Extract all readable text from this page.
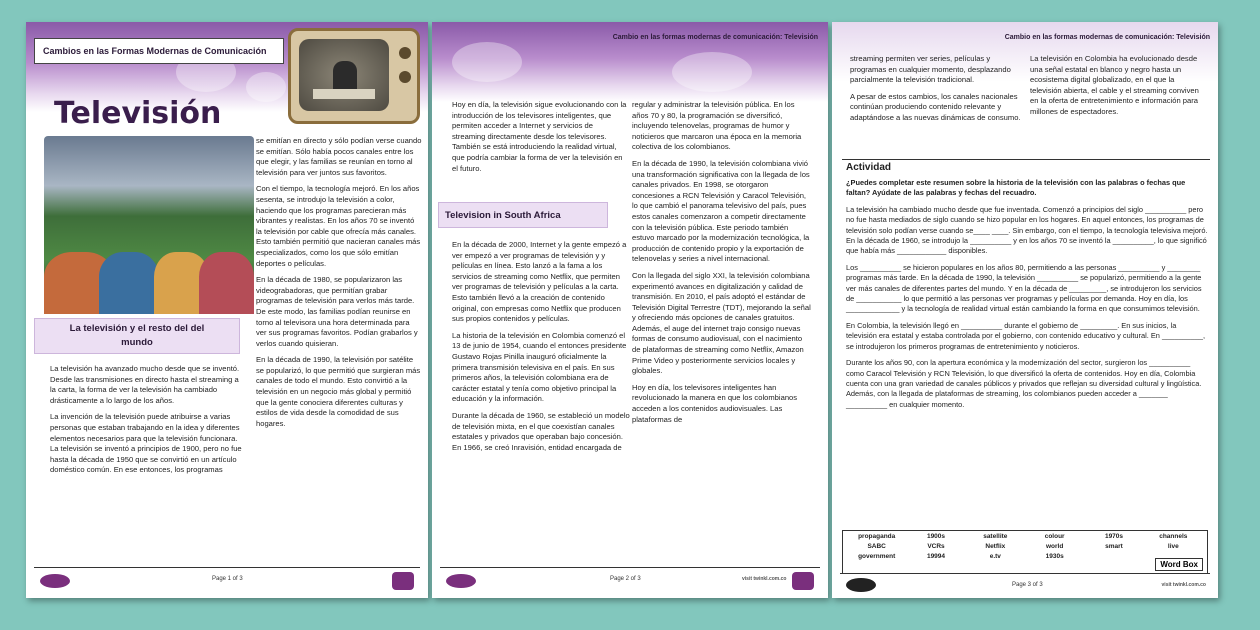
Cambios en las Formas Modernas de Comunicación
Televisión

se emitían en directo y sólo podían verse cuando se emitían. Sólo había pocos canales entre los que elegir, y las familias se reunían en torno al televisión para ver juntos sus favoritos.

Con el tiempo, la tecnología mejoró. En los años sesenta, se introdujo la televisión a color, haciendo que los programas parecieran más vibrantes y realistas. En los años 70 se inventó la televisión por cable que ofrecía más canales. Esto también permitió que nacieran canales más especializados, como los que sólo emitían deportes o películas.

En la década de 1980, se popularizaron las videograbadoras, que permitían grabar programas de televisión para verlos más tarde. De este modo, las familias podían reunirse en torno al televisora una hora determinada para ver sus programas favoritos. Podían grabarlos y verlos cuando quisieran.

En la década de 1990, la televisión por satélite se popularizó, lo que permitió que surgieran más canales de todo el mundo. Esto convirtió a la televisión en un negocio más global y permitió que la gente conociera diferentes culturas y estilos de vida desde la comodidad de sus hogares.

La televisión y el resto del del mundo

La televisión ha avanzado mucho desde que se inventó. Desde las transmisiones en directo hasta el streaming a la carta, la forma de ver la televisión ha cambiado drásticamente a lo largo de los años.

La invención de la televisión puede atribuirse a varias personas que estaban trabajando en la idea y diferentes elementos necesarios para que la televisión funcionara. La televisión se inventó a principios de 1900, pero no fue hasta la década de 1950 que se convirtió en un artículo doméstico común. En ese entonces, los programas

Page 1 of 3
Cambio en las formas modernas de comunicación: Televisión

Hoy en día, la televisión sigue evolucionando con la introducción de los televisores inteligentes, que permiten acceder a Internet y servicios de streaming directamente desde los televisores. También se está introduciendo la realidad virtual, que podría cambiar la forma de ver la televisión en el futuro.

Television in South Africa

En la década de 2000, Internet y la gente empezó a ver empezó a ver programas de televisión y y películas en línea. Esto lanzó a la fama a los servicios de streaming como Netflix, que permiten ver programas de televisión y películas a la carta. Esto también llevó a la creación de contenido original, con empresas como Netflix que producen sus propios contenidos y películas.

La historia de la televisión en Colombia comenzó el 13 de junio de 1954, cuando el entonces presidente Gustavo Rojas Pinilla inauguró oficialmente la primera transmisión televisiva en el país. En sus primeros años, la televisión colombiana era de carácter estatal y tenía como objetivo principal la educación y la información.

Durante la década de 1960, se estableció un modelo de televisión mixta, en el que coexistían canales estatales y privados que operaban bajo concesión. En 1966, se creó Inravisión, entidad encargada de

regular y administrar la televisión pública. En los años 70 y 80, la programación se diversificó, incluyendo telenovelas, programas de humor y noticieros que marcaron una época en la memoria colectiva de los colombianos.

En la década de 1990, la televisión colombiana vivió una transformación significativa con la llegada de los canales privados. En 1998, se otorgaron concesiones a RCN Televisión y Caracol Televisión, lo que cambió el panorama televisivo del país, pues estos canales comenzaron a competir directamente con la televisión pública. Este periodo también estuvo marcado por la modernización tecnológica, la producción de contenido propio y la exportación de telenovelas y series a nivel internacional.

Con la llegada del siglo XXI, la televisión colombiana experimentó avances en digitalización y calidad de transmisión. En 2010, el país adoptó el estándar de Televisión Digital Terrestre (TDT), mejorando la señal y ofreciendo más opciones de canales gratuitos. Además, el auge del internet trajo consigo nuevas formas de consumo audiovisual, con el nacimiento de plataformas de streaming como Netflix, Amazon Prime Video y posteriormente servicios locales y globales.

Hoy en día, los televisores inteligentes han revolucionado la manera en que los colombianos acceden a los contenidos audiovisuales. Las plataformas de

Page 2 of 3	visit twinkl.com.co
Cambio en las formas modernas de comunicación: Televisión

streaming permiten ver series, películas y programas en cualquier momento, desplazando parcialmente la televisión tradicional.

A pesar de estos cambios, los canales nacionales continúan produciendo contenido relevante y adaptándose a las nuevas dinámicas de consumo.

La televisión en Colombia ha evolucionado desde una señal estatal en blanco y negro hasta un ecosistema digital globalizado, en el que la televisión abierta, el cable y el streaming conviven en la oferta de entretenimiento e información para millones de espectadores.

Actividad

¿Puedes completar este resumen sobre la historia de la televisión con las palabras o fechas que faltan? Ayúdate de las palabras y fechas del recuadro.

La televisión ha cambiado mucho desde que fue inventada. Comenzó a principios del siglo __________ pero no fue hasta mediados de siglo cuando se hizo popular en los hogares. En aquel entonces, los programas de televisión solo podían verse cuando se____ ____. Sin embargo, con el tiempo, la tecnología televisiva mejoró. En la década de 1960, se introdujo la __________ y en los años 70 se inventó la __________, lo que significó que había más ____________ disponibles.

Los __________ se hicieron populares en los años 80, permitiendo a las personas __________ y ________ programas más tarde. En la década de 1990, la televisión __________ se popularizó, permitiendo a la gente ver más canales de diferentes partes del mundo. Y en la década de _________, se introdujeron los servicios de ___________ lo que permitió a las personas ver programas y películas por demanda. Hoy en día, los _____________ y la tecnología de realidad virtual están cambiando la forma en que consumimos televisión.

En Colombia, la televisión llegó en __________ durante el gobierno de _________. En sus inicios, la televisión era estatal y estaba controlada por el gobierno, con contenido educativo y cultural. En __________, se introdujeron los primeros programas de entretenimiento y noticieros.

Durante los años 90, con la apertura económica y la modernización del sector, surgieron los __________ como Caracol Televisión y RCN Televisión, lo que diversificó la oferta de contenidos. Hoy en día, Colombia cuenta con una gran variedad de canales públicos y privados que reflejan su diversidad cultural y lingüística. Además, con la llegada de plataformas de streaming, los colombianos pueden acceder a _______ __________ en cualquier momento.

propaganda	1900s	satellite	colour	1970s	channels
SABC	VCRs	Netflix	world	smart	live
government	19994	e.tv	1930s
Word Box
Page 3 of 3	visit twinkl.com.co
